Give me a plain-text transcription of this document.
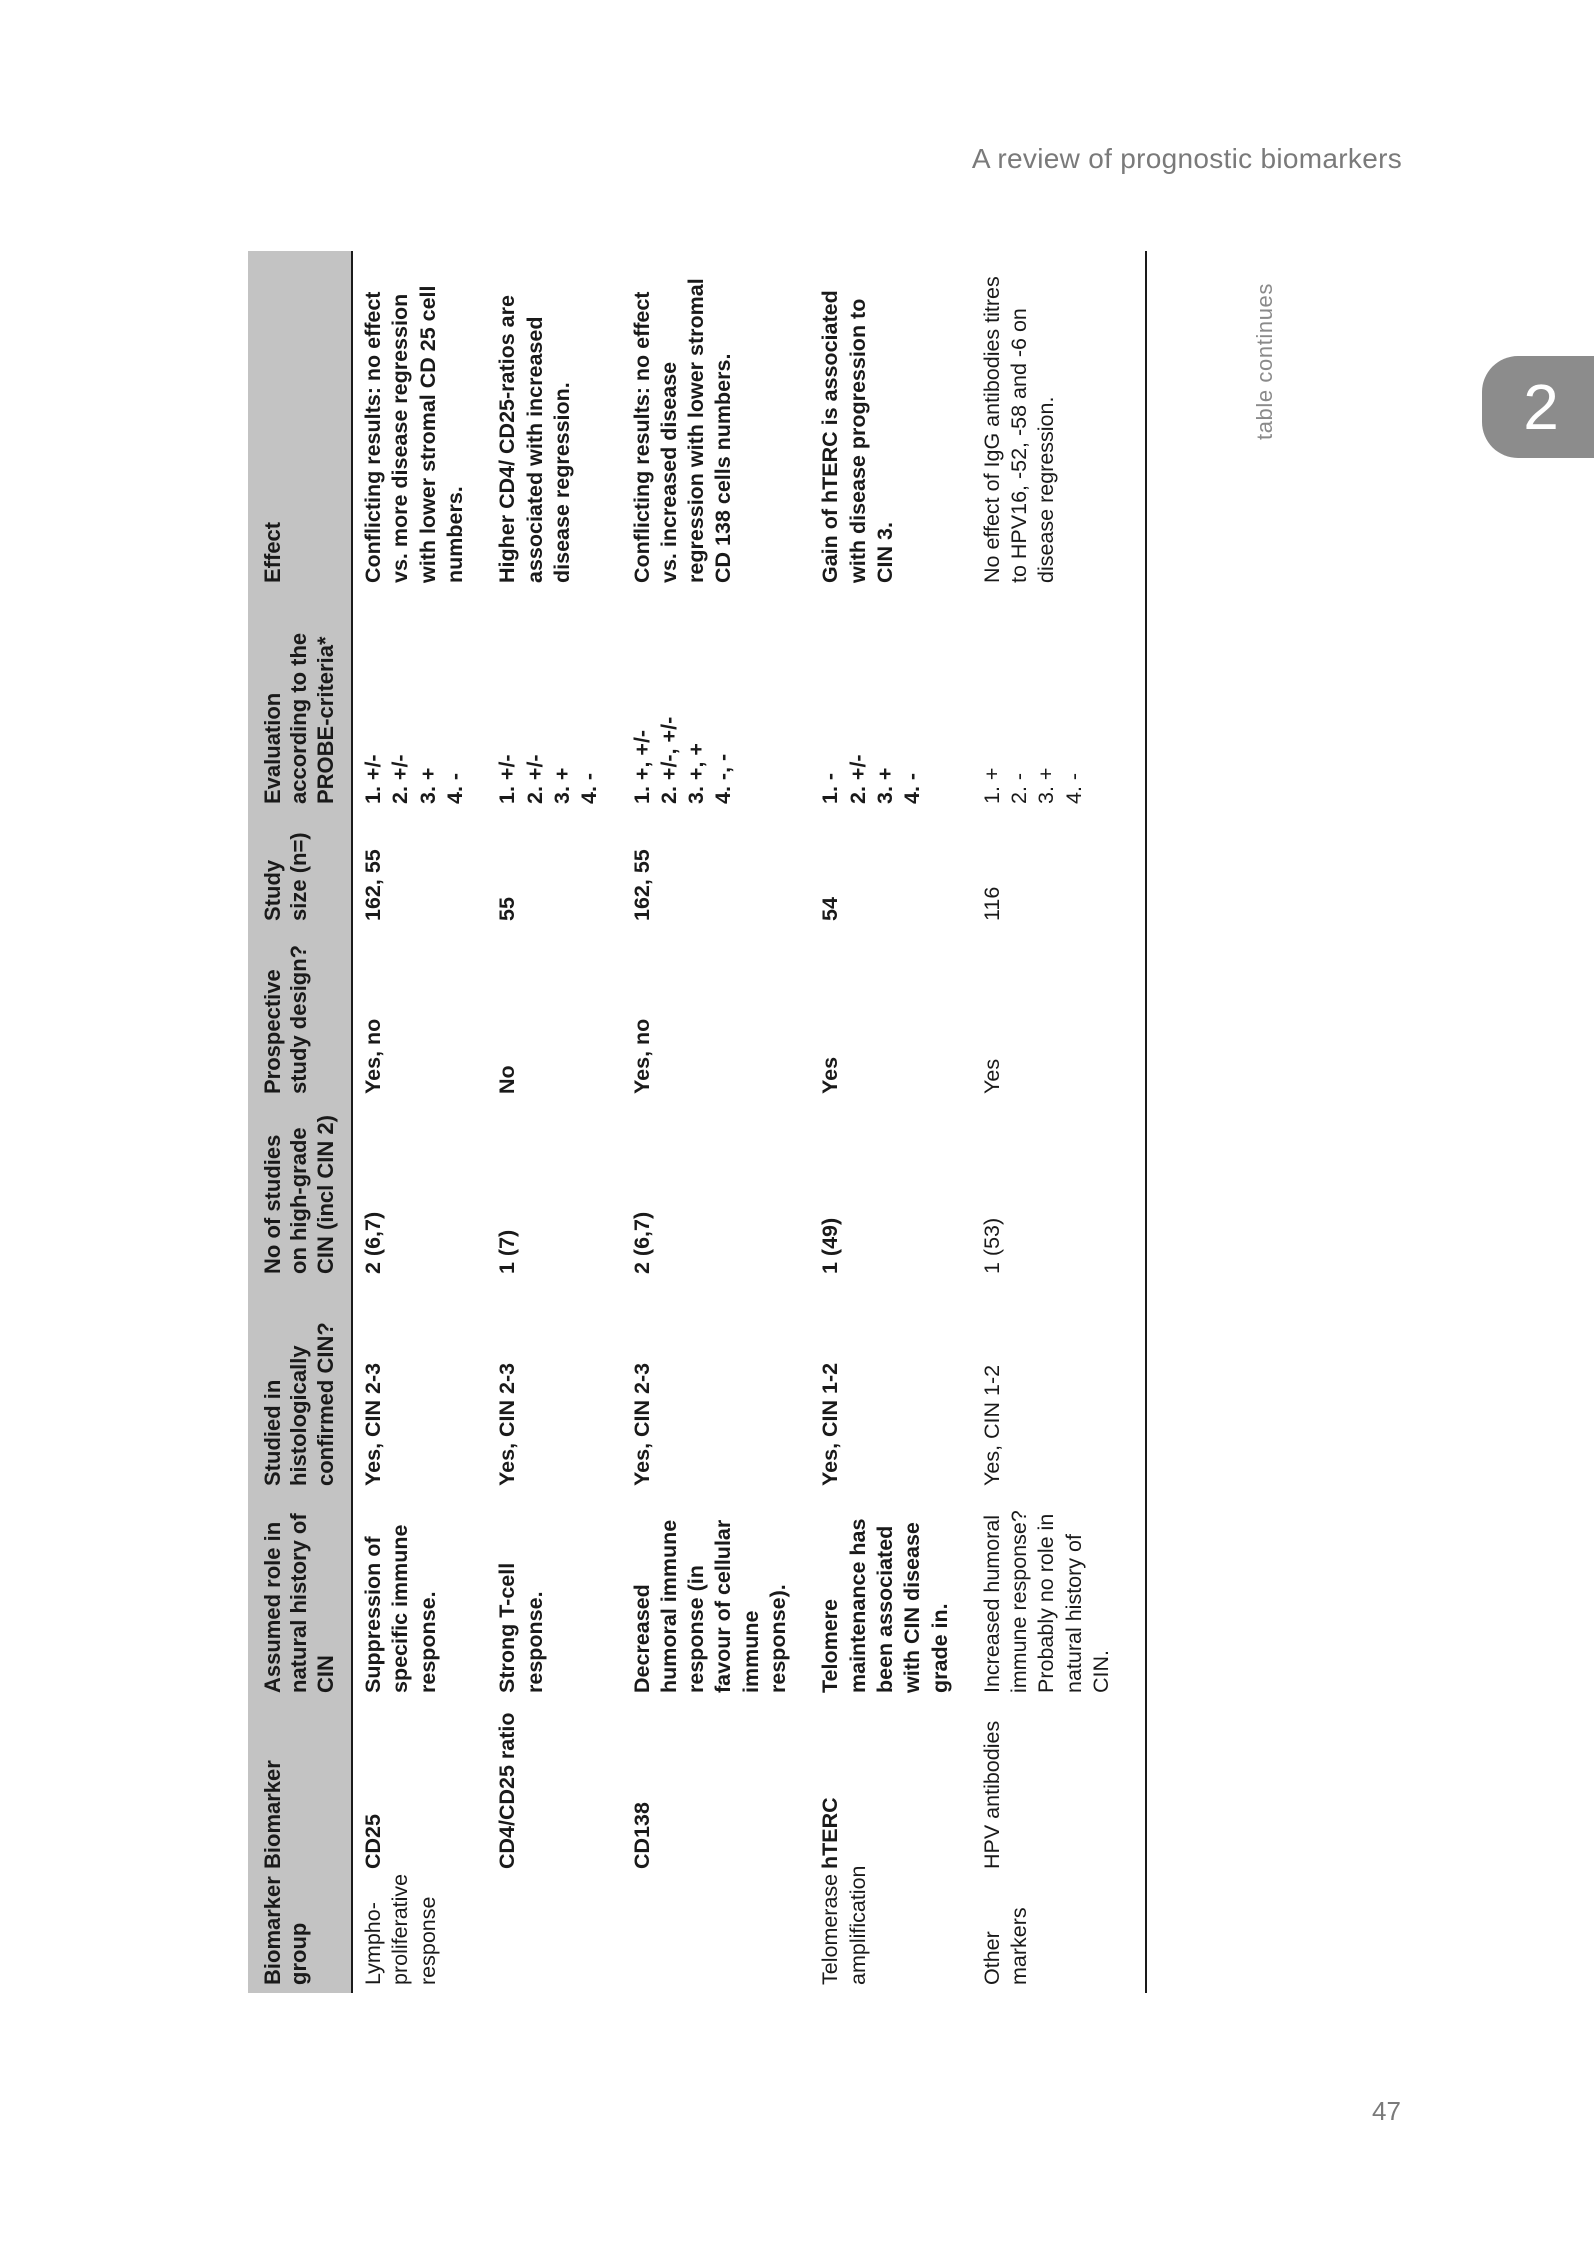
A review of prognostic biomarkers
2
47
Biomarker group	Biomarker	Assumed role in natural history of CIN	Studied in histologically confirmed CIN?	No of studies on high-grade CIN (incl CIN 2)	Prospective study design?	Study size (n=)	Evaluation according to the PROBE-criteria*	Effect
Lympho-proliferative response	CD25	Suppression of specific immune response.	Yes, CIN 2-3	2 (6,7)	Yes, no	162, 55	1. +/- 2. +/- 3. + 4. -	Conflicting results: no effect vs. more disease regression with lower stromal CD 25 cell numbers.
	CD4/CD25 ratio	Strong T-cell response.	Yes, CIN 2-3	1 (7)	No	55	1. +/- 2. +/- 3. + 4. -	Higher CD4/ CD25-ratios are associated with increased disease regression.
	CD138	Decreased humoral immune response (in favour of cellular immune response).	Yes, CIN 2-3	2 (6,7)	Yes, no	162, 55	1. +, +/- 2. +/-, +/- 3. +, + 4. -, -	Conflicting results: no effect vs. increased disease regression with lower stromal CD 138 cells numbers.
Telomerase amplification	hTERC	Telomere maintenance has been associated with CIN disease grade in.	Yes, CIN 1-2	1 (49)	Yes	54	1. - 2. +/- 3. + 4. -	Gain of hTERC is associated with disease progression to CIN 3.
Other markers	HPV antibodies	Increased humoral immune response? Probably no role in natural history of CIN.	Yes, CIN 1-2	1 (53)	Yes	116	1. + 2. - 3. + 4. -	No effect of IgG antibodies titres to HPV16, -52, -58 and -6 on disease regression.
table continues
